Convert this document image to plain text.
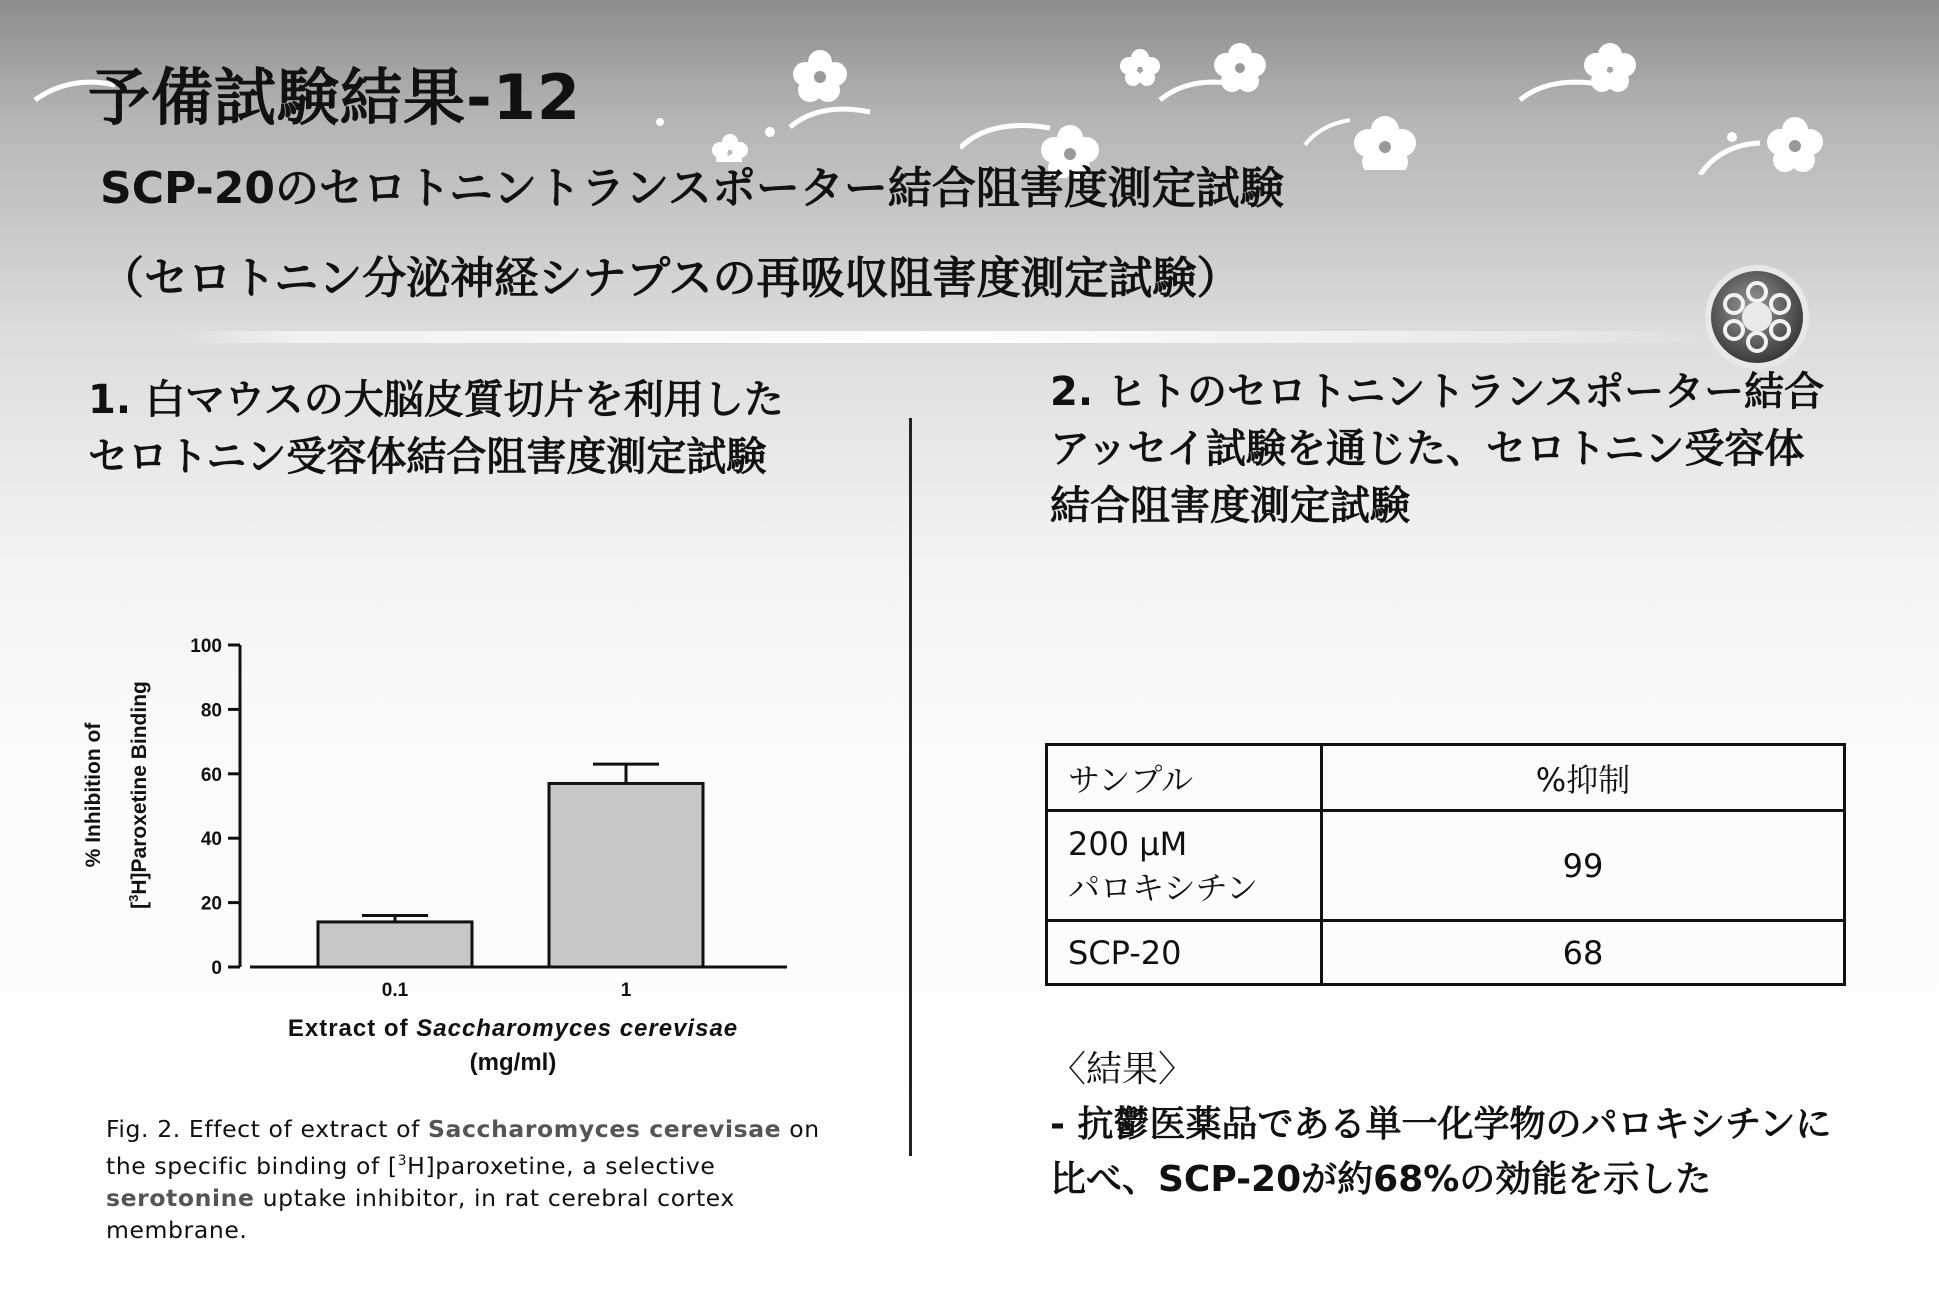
予備試験結果-12
SCP-20のセロトニントランスポーター結合阻害度測定試験
（セロトニン分泌神経シナプスの再吸収阻害度測定試験）
1. 白マウスの大脳皮質切片を利用した
セロトニン受容体結合阻害度測定試験
2. ヒトのセロトニントランスポーター結合
アッセイ試験を通じた、セロトニン受容体
結合阻害度測定試験
0
20
40
60
80
100
0.1	1
% Inhibition of
[$^3$H]Paroxetine Binding
Extract of Saccharomyces cerevisae
(mg/ml)
Fig. 2. Effect of extract of Saccharomyces cerevisae on the specific binding of [$^3$H]paroxetine, a selective serotonine uptake inhibitor, in rat cerebral cortex membrane.
サンプル	%抑制

200 μM
パロキシチン	99
SCP-20	68
〈結果〉
- 抗鬱医薬品である単一化学物のパロキシチンに
比べ、SCP-20が約68%の効能を示した
